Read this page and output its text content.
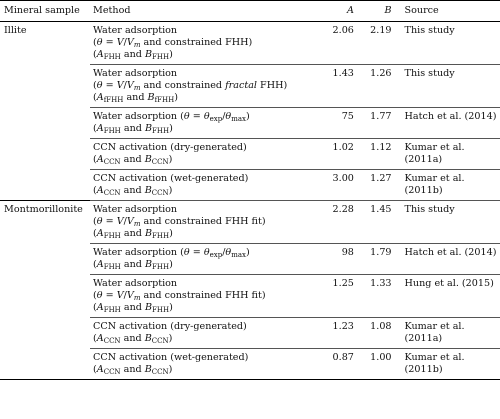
Mineral sample	Method	A	B	Source
Illite	Water adsorption
($\theta = V/V_m$ and constrained FHH)
($A_{FHH}$ and $B_{FHH}$)	2.06	2.19	This study

	Water adsorption
($\theta = V/V_m$ and constrained fractal FHH)
($A_{fFHH}$ and $B_{fFHH}$)	1.43	1.26	This study

	Water adsorption $(\theta = \theta_{exp}/\theta_{max})$
($A_{FHH}$ and $B_{FHH}$)	75	1.77	Hatch et al. (2014)

	CCN activation (dry-generated)
($A_{CCN}$ and $B_{CCN}$)	1.02	1.12	Kumar et al. (2011a)

	CCN activation (wet-generated)
($A_{CCN}$ and $B_{CCN}$)	3.00	1.27	Kumar et al. (2011b)
Montmorillonite	Water adsorption
($\theta = V/V_m$ and constrained FHH fit)
($A_{FHH}$ and $B_{FHH}$)	2.28	1.45	This study

	Water adsorption $(\theta = \theta_{exp}/\theta_{max})$
($A_{FHH}$ and $B_{FHH}$)	98	1.79	Hatch et al. (2014)

	Water adsorption
($\theta = V/V_m$ and constrained FHH fit)
($A_{FHH}$ and $B_{FHH}$)	1.25	1.33	Hung et al. (2015)

	CCN activation (dry-generated)
($A_{CCN}$ and $B_{CCN}$)	1.23	1.08	Kumar et al. (2011a)

	CCN activation (wet-generated)
($A_{CCN}$ and $B_{CCN}$)	0.87	1.00	Kumar et al. (2011b)
